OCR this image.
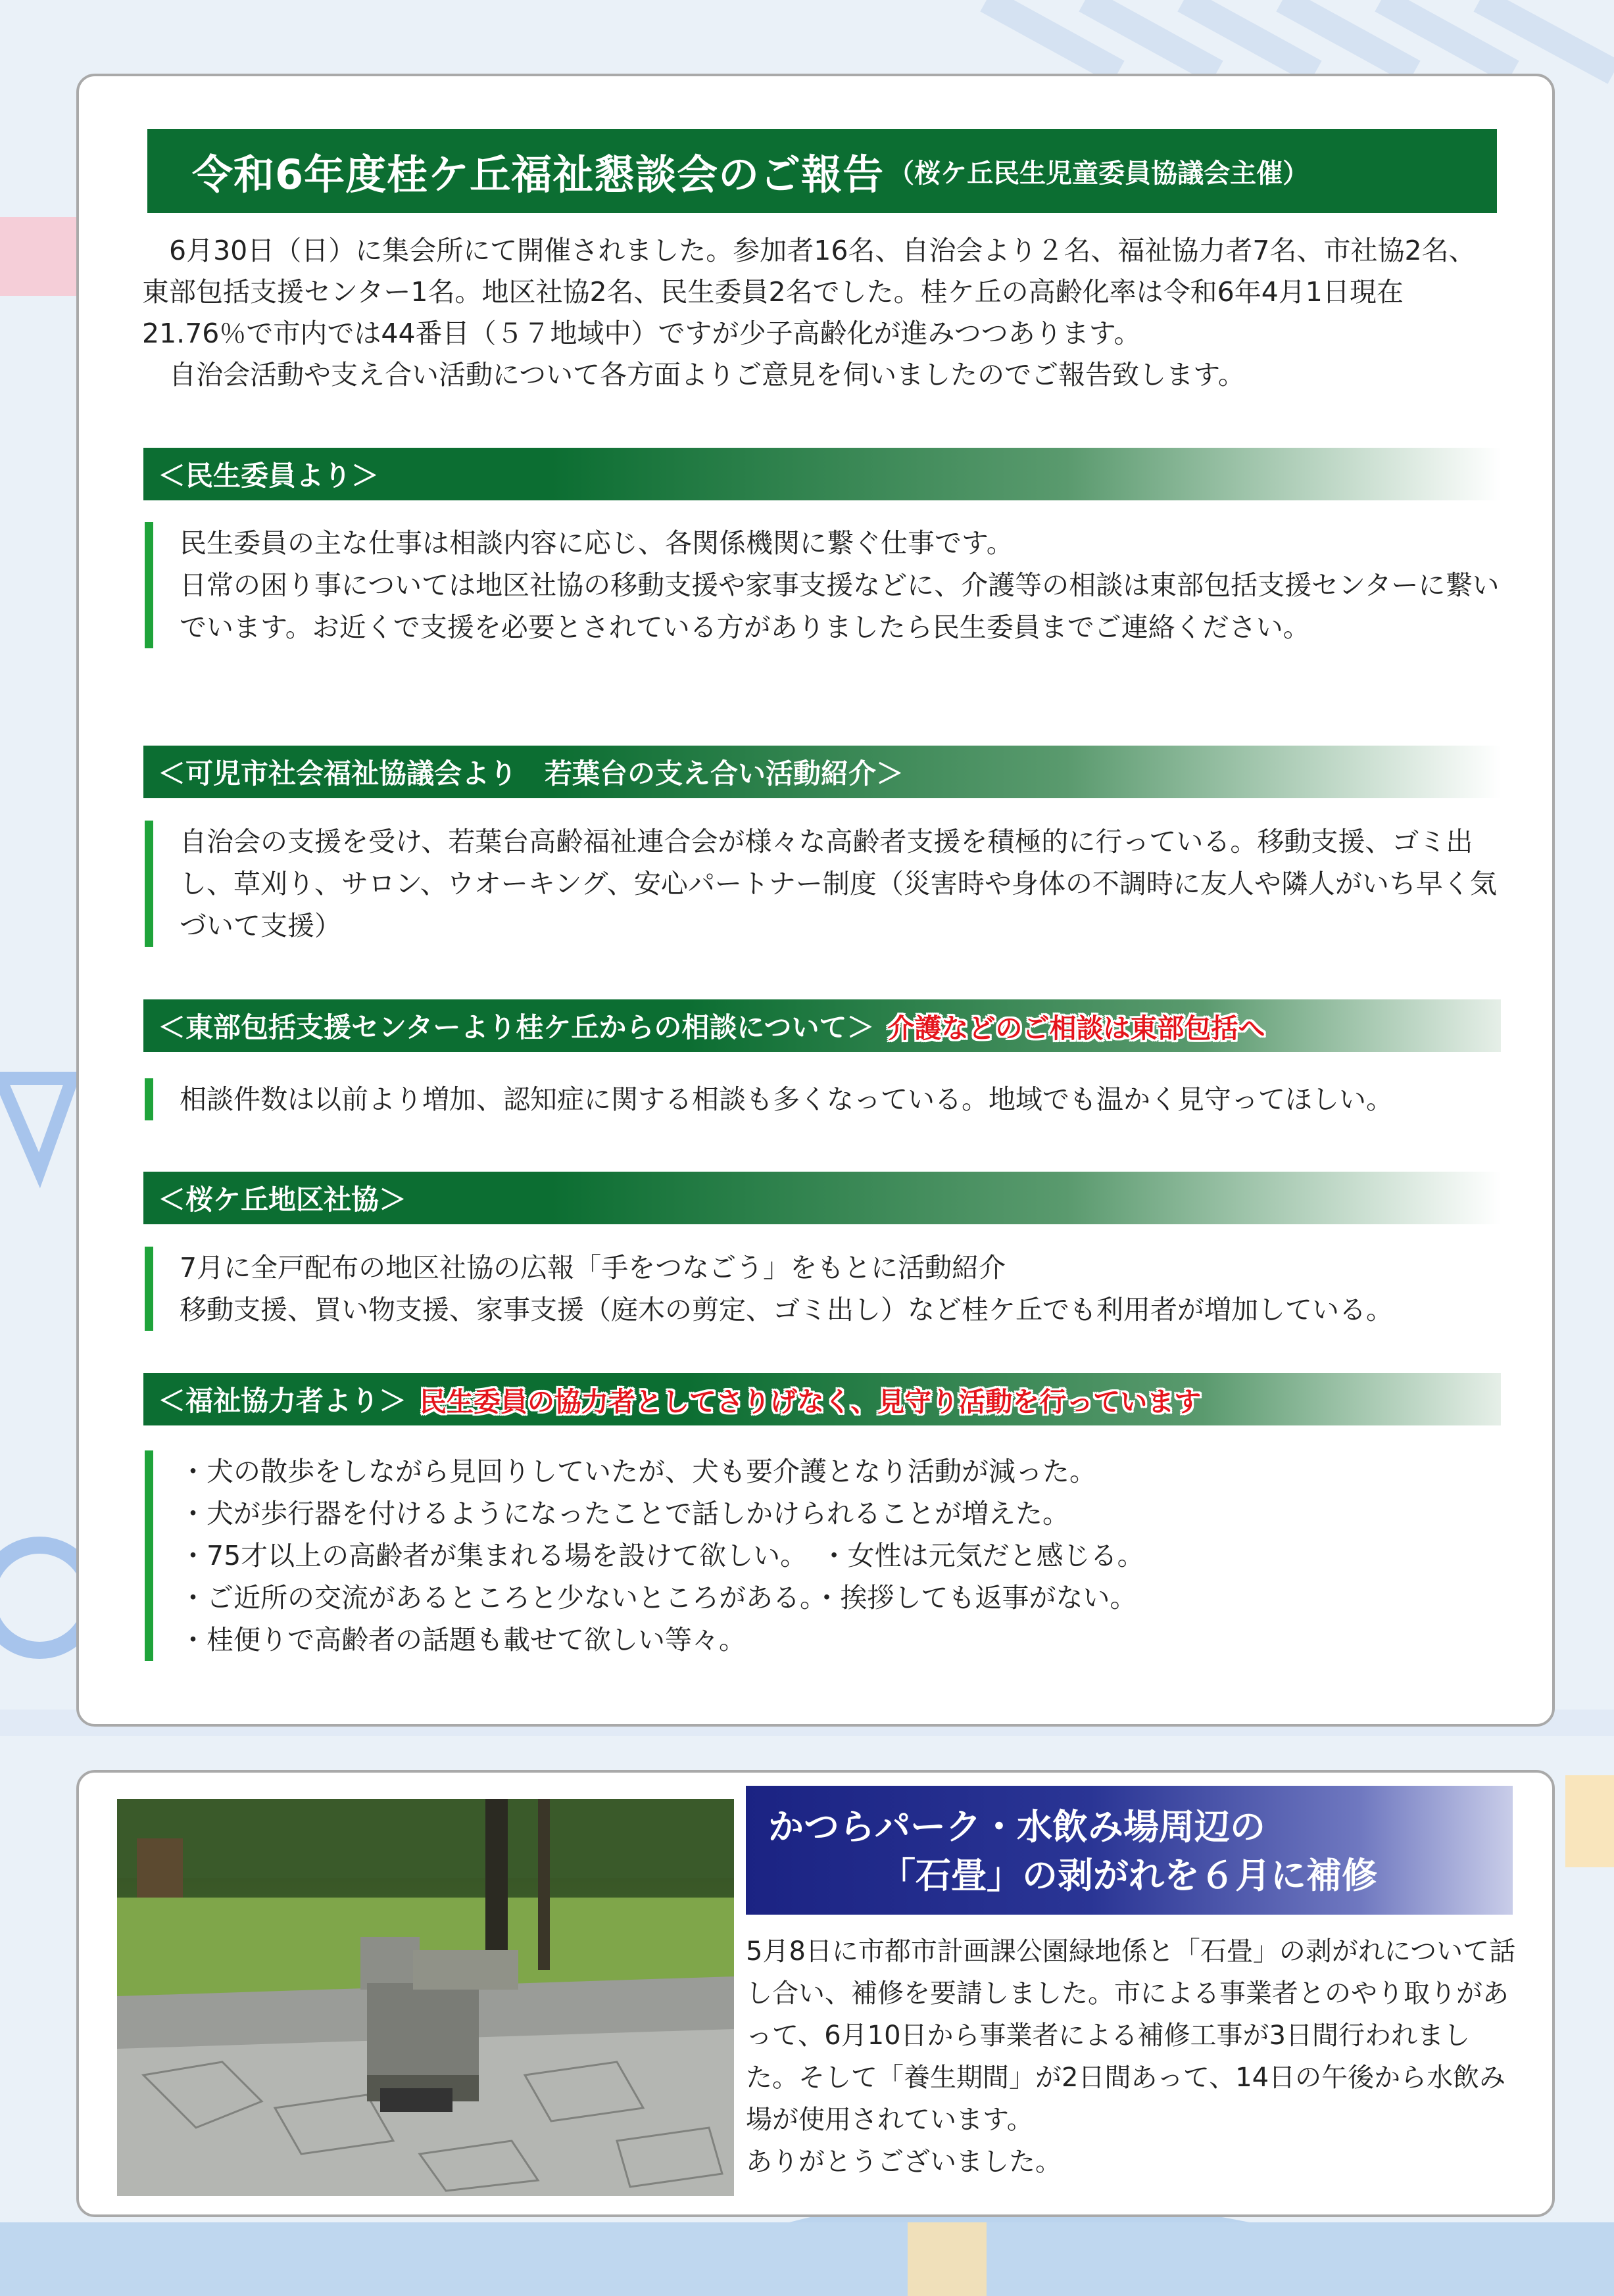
令和6年度桂ケ丘福祉懇談会のご報告 （桜ケ丘民生児童委員協議会主催）

6月30日（日）に集会所にて開催されました。参加者16名、自治会より２名、福祉協力者7名、市社協2名、東部包括支援センター1名。地区社協2名、民生委員2名でした。桂ケ丘の高齢化率は令和6年4月1日現在21.76％で市内では44番目（５７地域中）ですが少子高齢化が進みつつあります。

自治会活動や支え合い活動について各方面よりご意見を伺いましたのでご報告致します。

＜民生委員より＞
民生委員の主な仕事は相談内容に応じ、各関係機関に繋ぐ仕事です。
日常の困り事については地区社協の移動支援や家事支援などに、介護等の相談は東部包括支援センターに繋いでいます。お近くで支援を必要とされている方がありましたら民生委員までご連絡ください。
＜可児市社会福祉協議会より　若葉台の支え合い活動紹介＞
自治会の支援を受け、若葉台高齢福祉連合会が様々な高齢者支援を積極的に行っている。移動支援、ゴミ出し、草刈り、サロン、ウオーキング、安心パートナー制度（災害時や身体の不調時に友人や隣人がいち早く気づいて支援）
＜東部包括支援センターより桂ケ丘からの相談について＞ 介護などのご相談は東部包括へ
相談件数は以前より増加、認知症に関する相談も多くなっている。地域でも温かく見守ってほしい。
＜桜ケ丘地区社協＞
7月に全戸配布の地区社協の広報「手をつなごう」をもとに活動紹介
移動支援、買い物支援、家事支援（庭木の剪定、ゴミ出し）など桂ケ丘でも利用者が増加している。
＜福祉協力者より＞ 民生委員の協力者としてさりげなく、見守り活動を行っています
・犬の散歩をしながら見回りしていたが、犬も要介護となり活動が減った。
・犬が歩行器を付けるようになったことで話しかけられることが増えた。
・75才以上の高齢者が集まれる場を設けて欲しい。　・女性は元気だと感じる。
・ご近所の交流があるところと少ないところがある。・挨拶しても返事がない。
・桂便りで高齢者の話題も載せて欲しい等々。
かつらパーク・水飲み場周辺の
「石畳」の剥がれを６月に補修
5月8日に市都市計画課公園緑地係と「石畳」の剥がれについて話し合い、補修を要請しました。市による事業者とのやり取りがあって、6月10日から事業者による補修工事が3日間行われました。そして「養生期間」が2日間あって、14日の午後から水飲み場が使用されています。
ありがとうございました。
